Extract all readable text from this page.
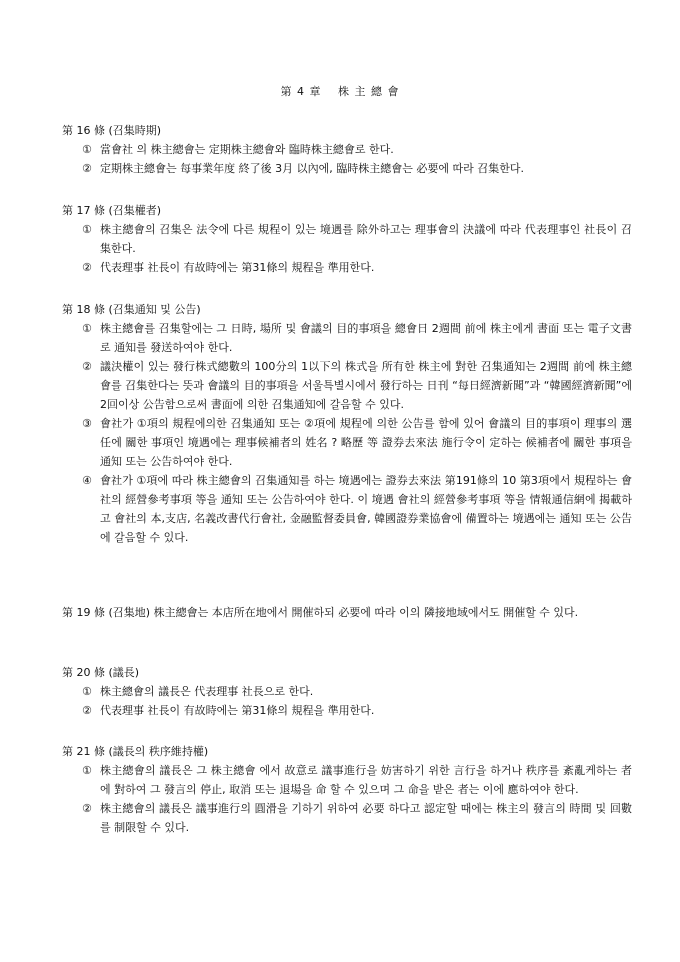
第 4 章　 株 主 總 會
第 16 條 (召集時期)
① 當會社 의 株主總會는 定期株主總會와 臨時株主總會로 한다.
② 定期株主總會는 每事業年度 終了後 3月 以內에, 臨時株主總會는 必要에 따라 召集한다.
第 17 條 (召集權者)
① 株主總會의 召集은 法令에 다른 規程이 있는 境遇를 除外하고는 理事會의 決議에 따라 代表理事인 社長이 召集한다.
② 代表理事 社長이 有故時에는 第31條의 規程을 準用한다.
第 18 條 (召集通知 및 公告)
① 株主總會를 召集할에는 그 日時, 場所 및 會議의 目的事項을 總會日 2週間 前에 株主에게 書面 또는 電子文書로 通知를 發送하여야 한다.
② 議決權이 있는 發行株式總數의 100分의 1以下의 株式을 所有한 株主에 對한 召集通知는 2週間 前에 株主總會를 召集한다는 뜻과 會議의 目的事項을 서울특별시에서 發行하는 日刊 “每日經濟新聞”과 “韓國經濟新聞”에 2回이상 公告함으로써 書面에 의한 召集通知에 갈음할 수 있다.
③ 會社가 ①項의 規程에의한 召集通知 또는 ②項에 規程에 의한 公告를 함에 있어 會議의 目的事項이 理事의 選任에 關한 事項인 境遇에는 理事候補者의 姓名 ? 略歷 等 證券去來法 施行令이 定하는 候補者에 關한 事項을 通知 또는 公告하여야 한다.
④ 會社가 ①項에 따라 株主總會의 召集通知를 하는 境遇에는 證券去來法 第191條의 10 第3項에서 規程하는 會社의 經營參考事項 等을 通知 또는 公告하여야 한다. 이 境遇 會社의 經營參考事項 等을 情報通信網에 揭載하고 會社의 本,支店, 名義改書代行會社, 金融監督委員會, 韓國證券業協會에 備置하는 境遇에는 通知 또는 公告에 갈음할 수 있다.
第 19 條 (召集地) 株主總會는 本店所在地에서 開催하되 必要에 따라 이의 隣接地域에서도 開催할 수 있다.
第 20 條 (議長)
① 株主總會의 議長은 代表理事 社長으로 한다.
② 代表理事 社長이 有故時에는 第31條의 規程을 準用한다.
第 21 條 (議長의 秩序維持權)
① 株主總會의 議長은 그 株主總會 에서 故意로 議事進行을 妨害하기 위한 言行을 하거나 秩序를 紊亂케하는 者에 對하여 그 發言의 停止, 取消 또는 退場을 命 할 수 있으며 그 命을 받은 者는 이에 應하여야 한다.
② 株主總會의 議長은 議事進行의 圓滑을 기하기 위하여 必要 하다고 認定할 때에는 株主의 發言의 時間 및 回數를 制限할 수 있다.
